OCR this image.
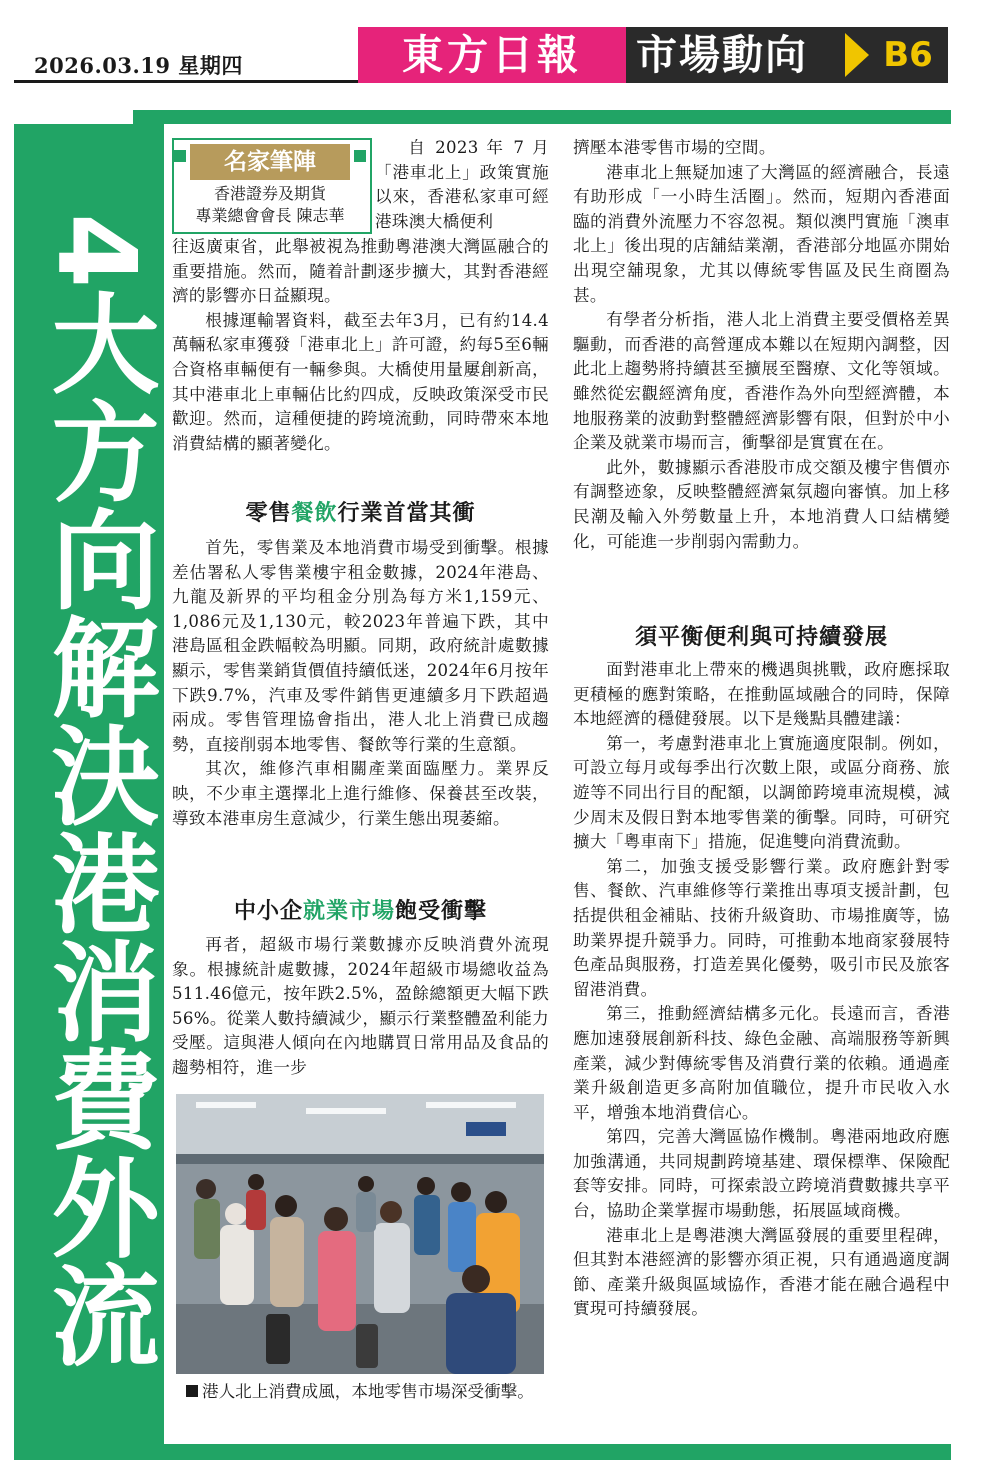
2026.03.19 星期四	東方日報	市場動向	B6
4大方向解決港消費外流
名家筆陣
香港證券及期貨
專業總會會長 陳志華

自 2023 年 7 月「港車北上」政策實施以來，香港私家車可經港珠澳大橋便利

往返廣東省，此舉被視為推動粵港澳大灣區融合的重要措施。然而，隨着計劃逐步擴大，其對香港經濟的影響亦日益顯現。

根據運輸署資料，截至去年3月，已有約14.4萬輛私家車獲發「港車北上」許可證，約每5至6輛合資格車輛便有一輛參與。大橋使用量屢創新高，其中港車北上車輛佔比約四成，反映政策深受市民歡迎。然而，這種便捷的跨境流動，同時帶來本地消費結構的顯著變化。

零售餐飲行業首當其衝

首先，零售業及本地消費市場受到衝擊。根據差估署私人零售業樓宇租金數據，2024年港島、九龍及新界的平均租金分別為每方米1,159元、1,086元及1,130元，較2023年普遍下跌，其中港島區租金跌幅較為明顯。同期，政府統計處數據顯示，零售業銷貨價值持續低迷，2024年6月按年下跌9.7%，汽車及零件銷售更連續多月下跌超過兩成。零售管理協會指出，港人北上消費已成趨勢，直接削弱本地零售、餐飲等行業的生意額。

其次，維修汽車相關產業面臨壓力。業界反映，不少車主選擇北上進行維修、保養甚至改裝，導致本港車房生意減少，行業生態出現萎縮。

中小企就業市場飽受衝擊

再者，超級市場行業數據亦反映消費外流現象。根據統計處數據，2024年超級市場總收益為511.46億元，按年跌2.5%，盈餘總額更大幅下跌56%。從業人數持續減少，顯示行業整體盈利能力受壓。這與港人傾向在內地購買日常用品及食品的趨勢相符，進一步

港人北上消費成風，本地零售市場深受衝擊。

擠壓本港零售市場的空間。

港車北上無疑加速了大灣區的經濟融合，長遠有助形成「一小時生活圈」。然而，短期內香港面臨的消費外流壓力不容忽視。類似澳門實施「澳車北上」後出現的店舖結業潮，香港部分地區亦開始出現空舖現象，尤其以傳統零售區及民生商圈為甚。

有學者分析指，港人北上消費主要受價格差異驅動，而香港的高營運成本難以在短期內調整，因此北上趨勢將持續甚至擴展至醫療、文化等領域。雖然從宏觀經濟角度，香港作為外向型經濟體，本地服務業的波動對整體經濟影響有限，但對於中小企業及就業市場而言，衝擊卻是實實在在。

此外，數據顯示香港股市成交額及樓宇售價亦有調整迹象，反映整體經濟氣氛趨向審慎。加上移民潮及輸入外勞數量上升，本地消費人口結構變化，可能進一步削弱內需動力。

須平衡便利與可持續發展

面對港車北上帶來的機遇與挑戰，政府應採取更積極的應對策略，在推動區域融合的同時，保障本地經濟的穩健發展。以下是幾點具體建議：

第一，考慮對港車北上實施適度限制。例如，可設立每月或每季出行次數上限，或區分商務、旅遊等不同出行目的配額，以調節跨境車流規模，減少周末及假日對本地零售業的衝擊。同時，可研究擴大「粵車南下」措施，促進雙向消費流動。

第二，加強支援受影響行業。政府應針對零售、餐飲、汽車維修等行業推出專項支援計劃，包括提供租金補貼、技術升級資助、市場推廣等，協助業界提升競爭力。同時，可推動本地商家發展特色產品與服務，打造差異化優勢，吸引市民及旅客留港消費。

第三，推動經濟結構多元化。長遠而言，香港應加速發展創新科技、綠色金融、高端服務等新興產業，減少對傳統零售及消費行業的依賴。通過產業升級創造更多高附加值職位，提升市民收入水平，增強本地消費信心。

第四，完善大灣區協作機制。粵港兩地政府應加強溝通，共同規劃跨境基建、環保標準、保險配套等安排。同時，可探索設立跨境消費數據共享平台，協助企業掌握市場動態，拓展區域商機。

港車北上是粵港澳大灣區發展的重要里程碑，但其對本港經濟的影響亦須正視，只有通過適度調節、產業升級與區域協作，香港才能在融合過程中實現可持續發展。
